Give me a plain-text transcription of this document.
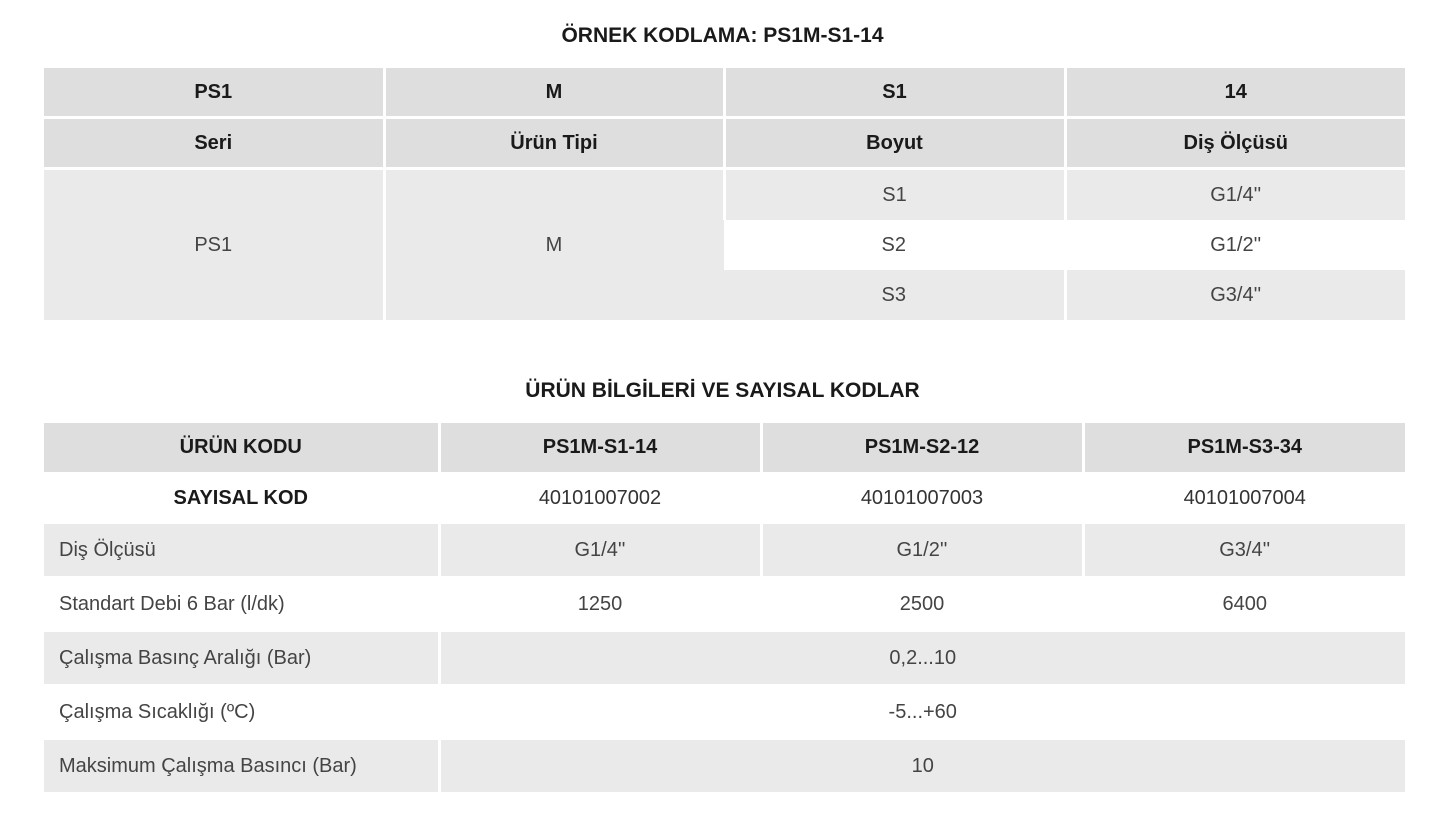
ÖRNEK KODLAMA: PS1M-S1-14
PS1	M	S1	14
Seri	Ürün Tipi	Boyut	Diş Ölçüsü
PS1	M	S1	G1/4''
		S2	G1/2''
		S3	G3/4''
ÜRÜN BİLGİLERİ VE SAYISAL KODLAR
ÜRÜN KODU	PS1M-S1-14	PS1M-S2-12	PS1M-S3-34
SAYISAL KOD	40101007002	40101007003	40101007004
Diş Ölçüsü	G1/4''	G1/2''	G3/4''
Standart Debi 6 Bar (l/dk)	1250	2500	6400
Çalışma Basınç Aralığı (Bar)	0,2...10		
Çalışma Sıcaklığı (ºC)	-5...+60		
Maksimum Çalışma Basıncı (Bar)	10		
